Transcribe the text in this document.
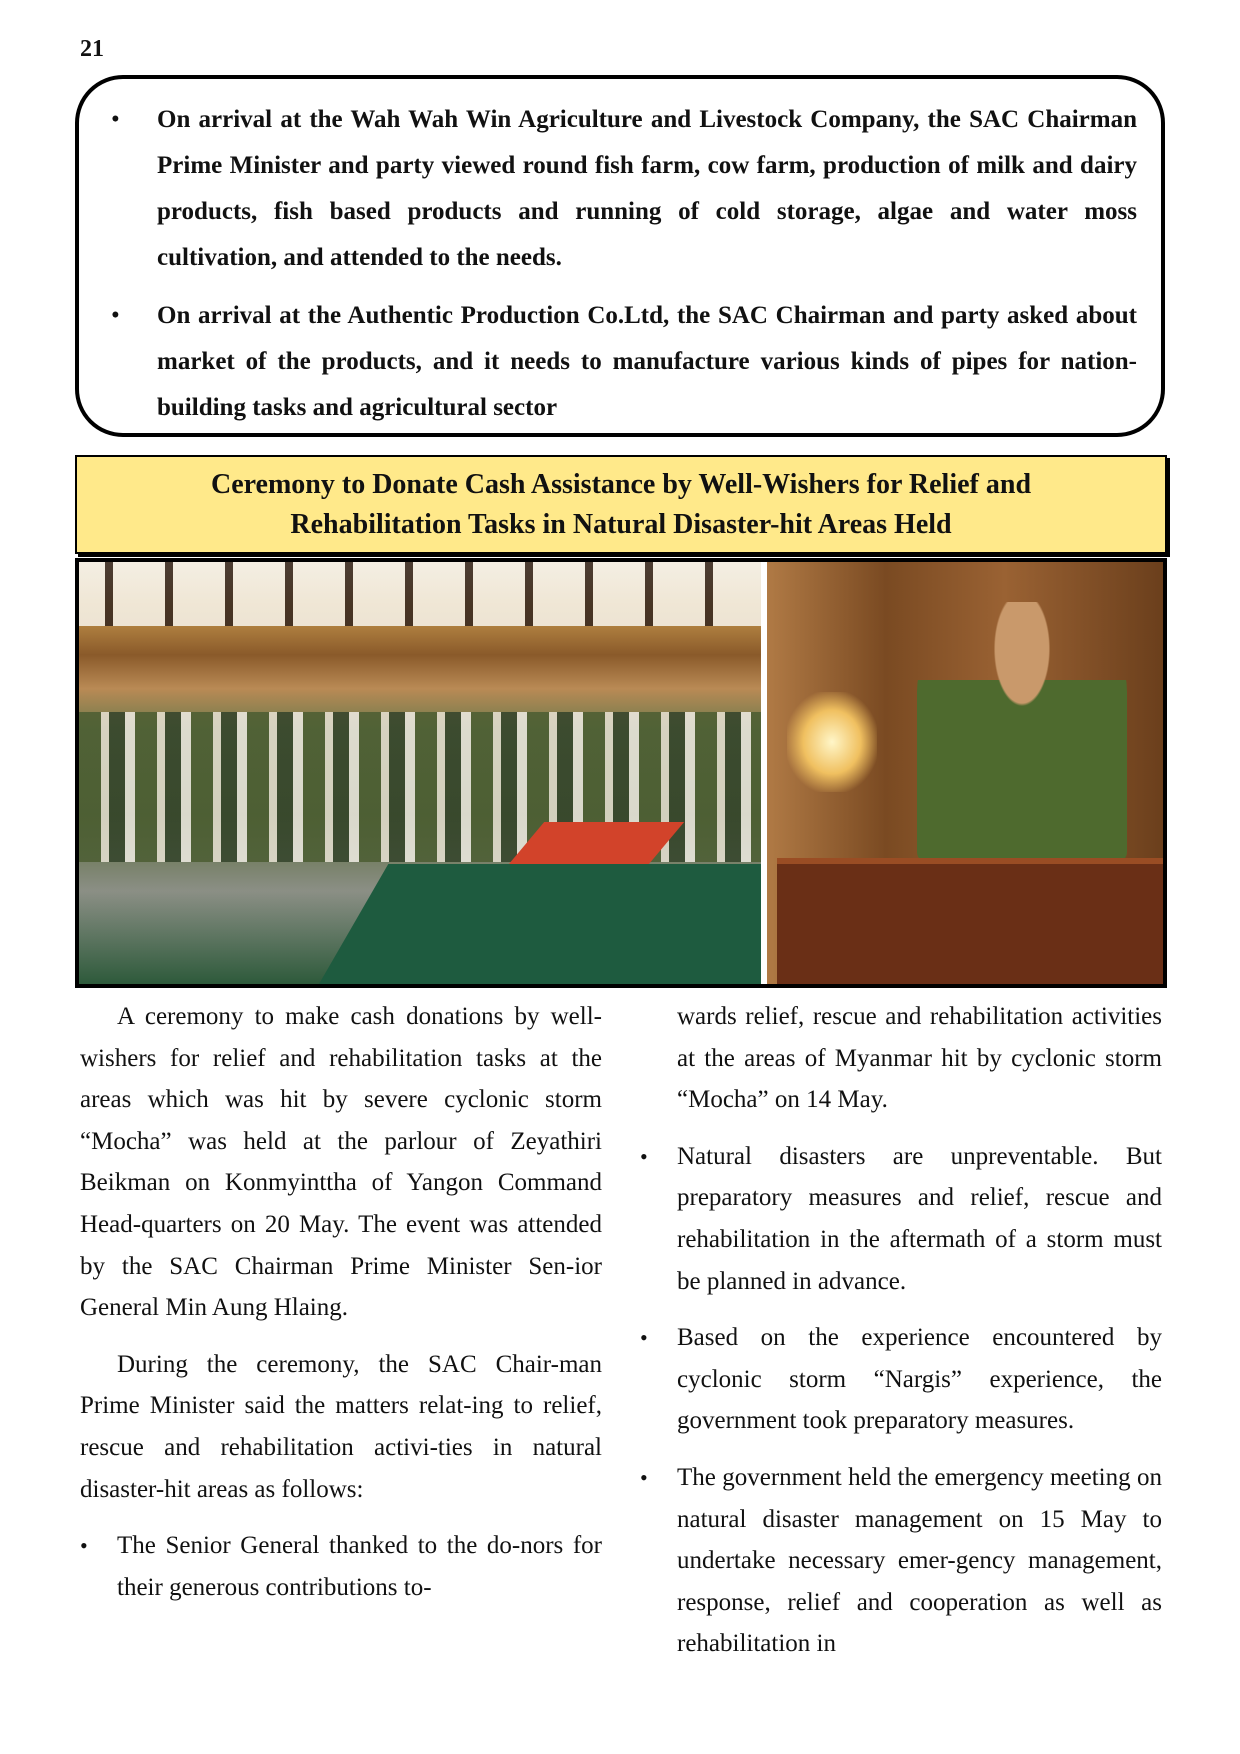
21
• On arrival at the Wah Wah Win Agriculture and Livestock Company, the SAC Chairman Prime Minister and party viewed round fish farm, cow farm, production of milk and dairy products, fish based products and running of cold storage, algae and water moss cultivation, and attended to the needs.
• On arrival at the Authentic Production Co.Ltd, the SAC Chairman and party asked about market of the products, and it needs to manufacture various kinds of pipes for nation-building tasks and agricultural sector
Ceremony to Donate Cash Assistance by Well-Wishers for Relief and
Rehabilitation Tasks in Natural Disaster-hit Areas Held

A ceremony to make cash donations by well-wishers for relief and rehabilitation tasks at the areas which was hit by severe cyclonic storm “Mocha” was held at the parlour of Zeyathiri Beikman on Konmyinttha of Yangon Command Head-quarters on 20 May. The event was attended by the SAC Chairman Prime Minister Sen-ior General Min Aung Hlaing.

During the ceremony, the SAC Chair-man Prime Minister said the matters relat-ing to relief, rescue and rehabilitation activi-ties in natural disaster-hit areas as follows:

• The Senior General thanked to the do-nors for their generous contributions to-
wards relief, rescue and rehabilitation activities at the areas of Myanmar hit by cyclonic storm “Mocha” on 14 May.
• Natural disasters are unpreventable. But preparatory measures and relief, rescue and rehabilitation in the aftermath of a storm must be planned in advance.
• Based on the experience encountered by cyclonic storm “Nargis” experience, the government took preparatory measures.
• The government held the emergency meeting on natural disaster management on 15 May to undertake necessary emer-gency management, response, relief and cooperation as well as rehabilitation in
